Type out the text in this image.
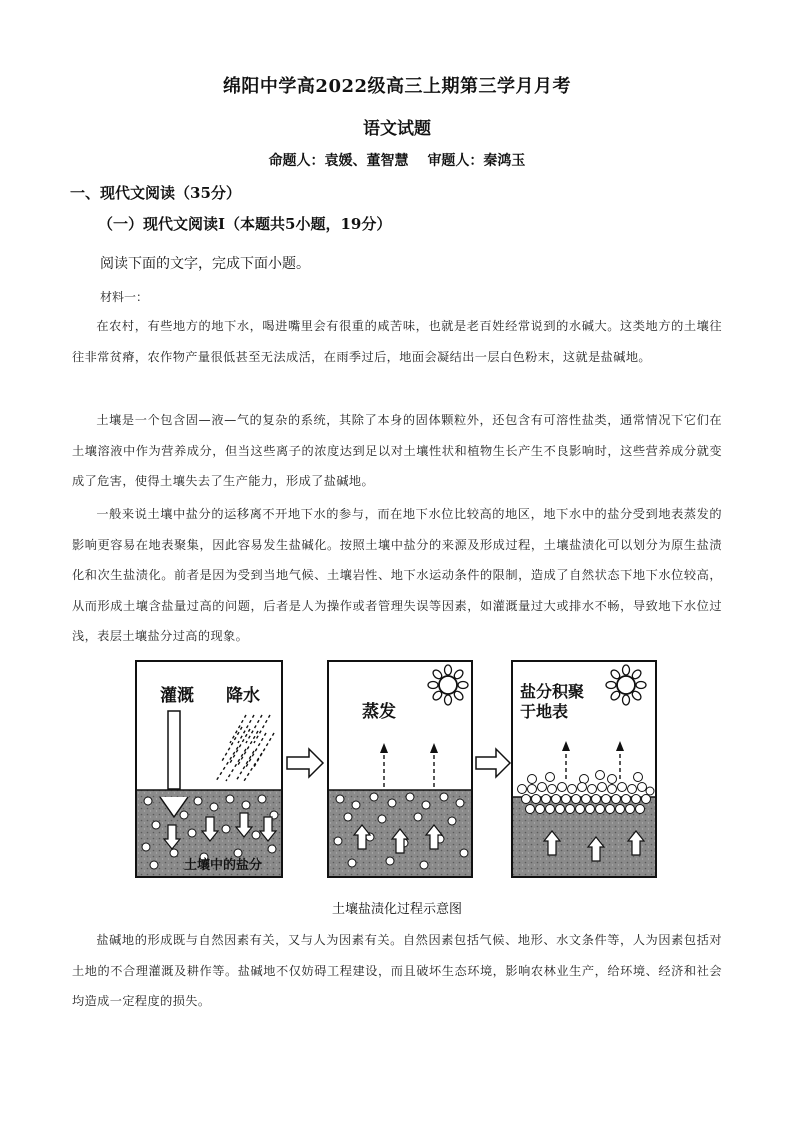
绵阳中学高2022级高三上期第三学月月考
语文试题
命题人：袁媛、董智慧 审题人：秦鸿玉
一、现代文阅读（35分）
（一）现代文阅读Ⅰ（本题共5小题，19分）
阅读下面的文字，完成下面小题。
材料一：

在农村，有些地方的地下水，喝进嘴里会有很重的咸苦味，也就是老百姓经常说到的水碱大。这类地方的土壤往往非常贫瘠，农作物产量很低甚至无法成活，在雨季过后，地面会凝结出一层白色粉末，这就是盐碱地。

土壤是一个包含固—液—气的复杂的系统，其除了本身的固体颗粒外，还包含有可溶性盐类，通常情况下它们在土壤溶液中作为营养成分，但当这些离子的浓度达到足以对土壤性状和植物生长产生不良影响时，这些营养成分就变成了危害，使得土壤失去了生产能力，形成了盐碱地。

一般来说土壤中盐分的运移离不开地下水的参与，而在地下水位比较高的地区，地下水中的盐分受到地表蒸发的影响更容易在地表聚集，因此容易发生盐碱化。按照土壤中盐分的来源及形成过程，土壤盐渍化可以划分为原生盐渍化和次生盐渍化。前者是因为受到当地气候、土壤岩性、地下水运动条件的限制，造成了自然状态下地下水位较高，从而形成土壤含盐量过高的问题，后者是人为操作或者管理失误等因素，如灌溉量过大或排水不畅，导致地下水位过浅，表层土壤盐分过高的现象。

灌溉 降水
土壤中的盐分
蒸发
盐分积聚
于地表
土壤盐渍化过程示意图

盐碱地的形成既与自然因素有关，又与人为因素有关。自然因素包括气候、地形、水文条件等，人为因素包括对土地的不合理灌溉及耕作等。盐碱地不仅妨碍工程建设，而且破坏生态环境，影响农林业生产，给环境、经济和社会均造成一定程度的损失。
